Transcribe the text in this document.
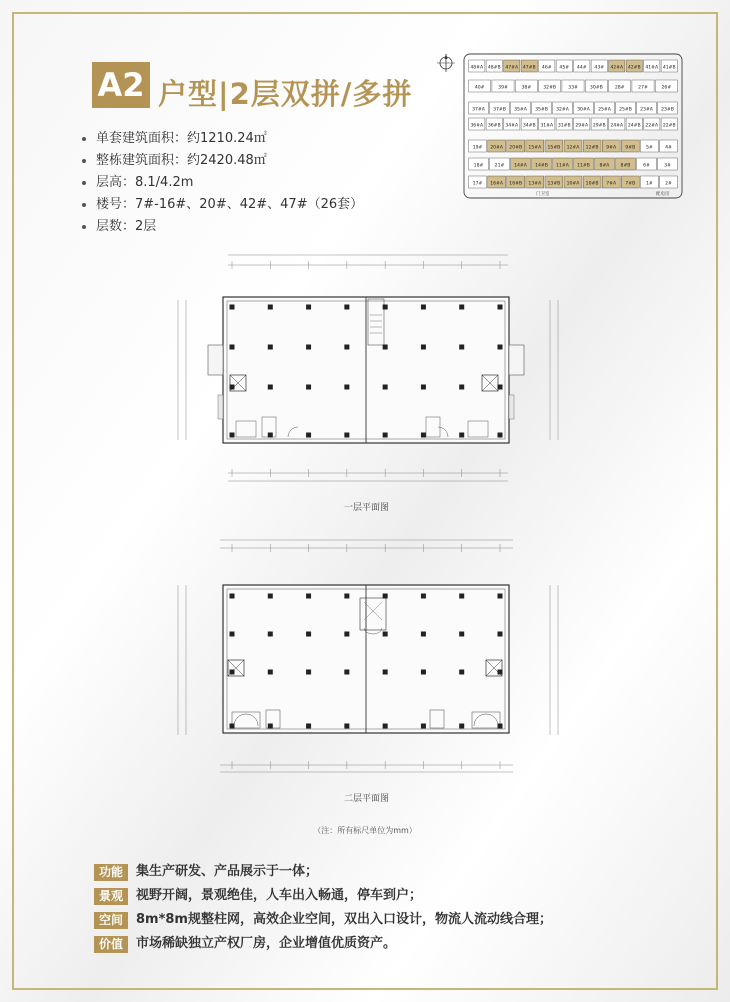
A2 户型|2层双拼/多拼
单套建筑面积：约1210.24㎡
整栋建筑面积：约2420.48㎡
层高：8.1/4.2m
楼号：7#-16#、20#、42#、47#（26套）
层数：2层
48#A 48#B 47#A 47#B 46# 45# 44# 43# 42#A 42#B 41#A 41#B
40#	39#	38#	32#B	33#	30#B	28#	27#	26#
37#A 37#B 35#A 35#B 32#A 30#A 25#A 25#B 23#A 23#B
36#A 36#B 34#A 34#B 31#A 31#B 29#A 29#B 24#A 24#B 22#A 22#B
19# 20#A 20#B 15#A 15#B 12#A 12#B 9#A 9#B 5#	4#
18# 21# 14#A 14#B 11#A 11#B 8#A 8#B	6#	3#
17# 16#A 16#B 13#A 13#B 10#A 10#B 7#A 7#B 1#	2#
门卫室	配电房
一层平面图
二层平面图
（注：所有标尺单位为mm）
功能 集生产研发、产品展示于一体；
景观 视野开阔，景观绝佳，人车出入畅通，停车到户；
空间 8m*8m规整柱网，高效企业空间，双出入口设计，物流人流动线合理；
价值 市场稀缺独立产权厂房，企业增值优质资产。
